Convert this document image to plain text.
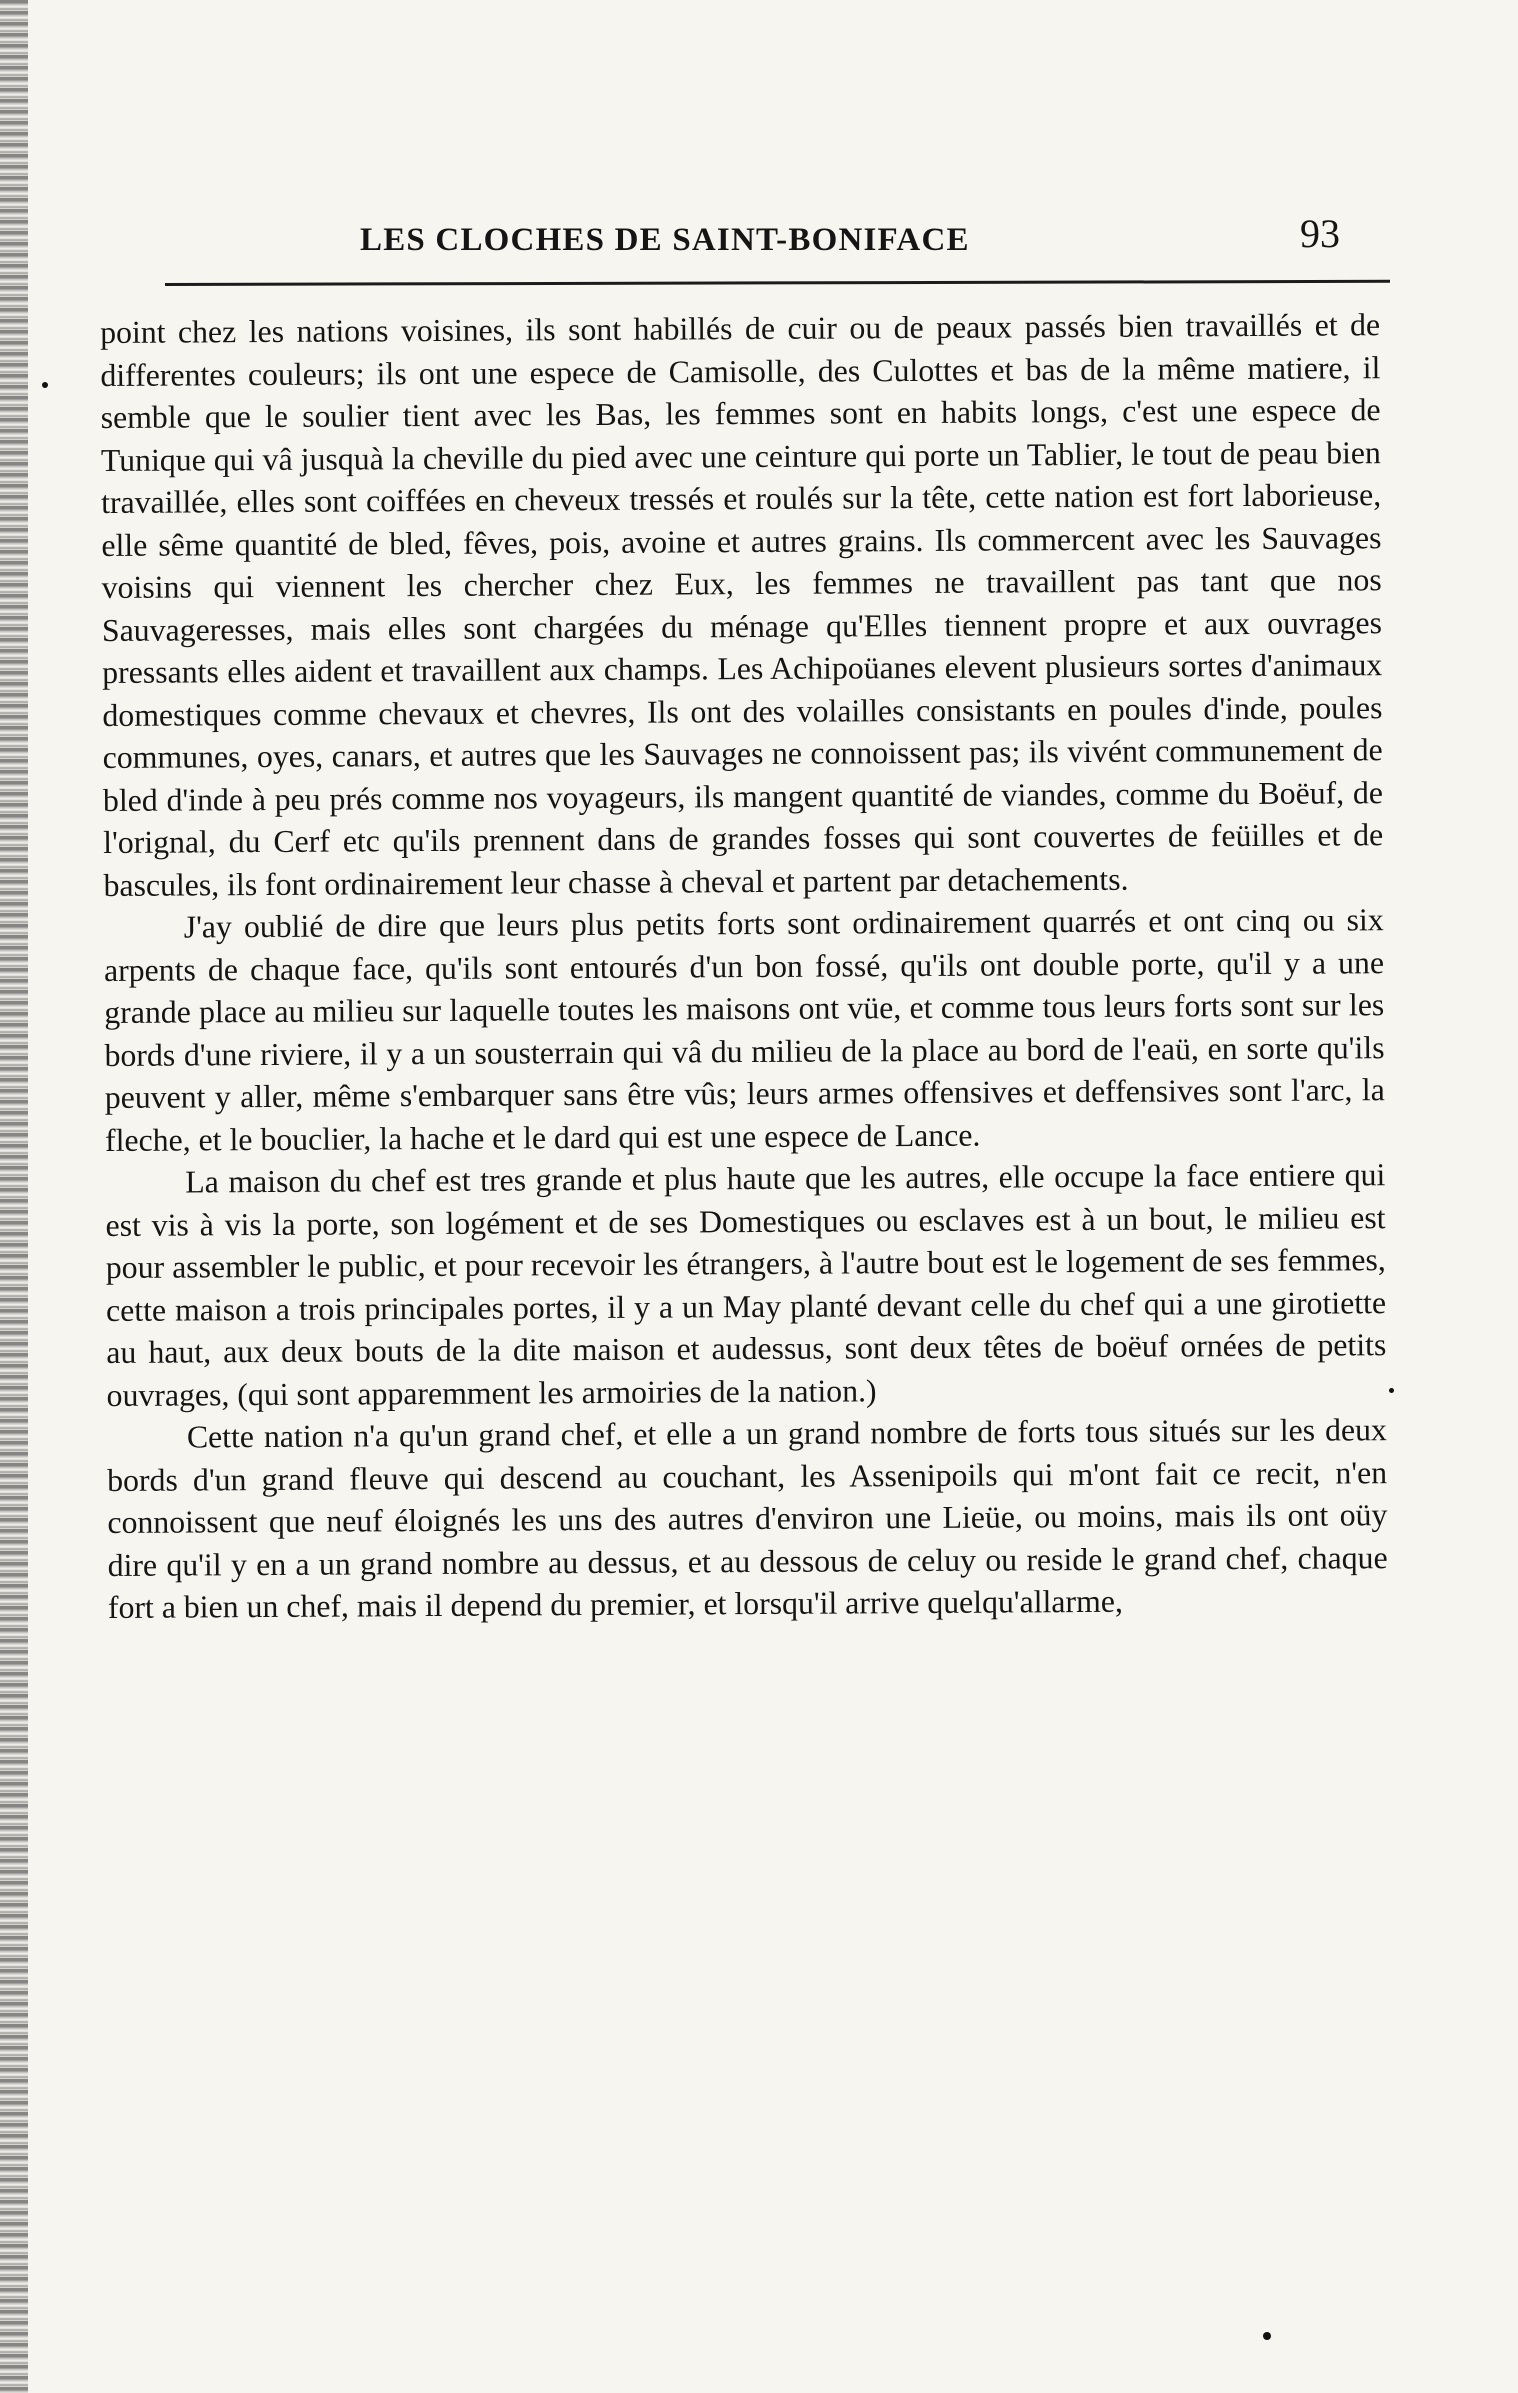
LES CLOCHES DE SAINT-BONIFACE	93

point chez les nations voisines, ils sont habillés de cuir ou de peaux passés bien travaillés et de differentes couleurs; ils ont une espece de Camisolle, des Culottes et bas de la même matiere, il semble que le soulier tient avec les Bas, les femmes sont en habits longs, c'est une espece de Tunique qui vâ jusquà la cheville du pied avec une ceinture qui porte un Tablier, le tout de peau bien travaillée, elles sont coiffées en cheveux tressés et roulés sur la tête, cette nation est fort laborieuse, elle sême quantité de bled, fêves, pois, avoine et autres grains. Ils commercent avec les Sauvages voisins qui viennent les chercher chez Eux, les femmes ne travaillent pas tant que nos Sauvageresses, mais elles sont chargées du ménage qu'Elles tiennent propre et aux ouvrages pressants elles aident et travaillent aux champs. Les Achipoüanes elevent plusieurs sortes d'animaux domestiques comme chevaux et chevres, Ils ont des volailles consistants en poules d'inde, poules communes, oyes, canars, et autres que les Sauvages ne connoissent pas; ils vivént communement de bled d'inde à peu prés comme nos voyageurs, ils mangent quantité de viandes, comme du Boëuf, de l'orignal, du Cerf etc qu'ils prennent dans de grandes fosses qui sont couvertes de feüilles et de bascules, ils font ordinairement leur chasse à cheval et partent par detachements.

J'ay oublié de dire que leurs plus petits forts sont ordinairement quarrés et ont cinq ou six arpents de chaque face, qu'ils sont entourés d'un bon fossé, qu'ils ont double porte, qu'il y a une grande place au milieu sur laquelle toutes les maisons ont vüe, et comme tous leurs forts sont sur les bords d'une riviere, il y a un sousterrain qui vâ du milieu de la place au bord de l'eaü, en sorte qu'ils peuvent y aller, même s'embarquer sans être vûs; leurs armes offensives et deffensives sont l'arc, la fleche, et le bouclier, la hache et le dard qui est une espece de Lance.

La maison du chef est tres grande et plus haute que les autres, elle occupe la face entiere qui est vis à vis la porte, son logément et de ses Domestiques ou esclaves est à un bout, le milieu est pour assembler le public, et pour recevoir les étrangers, à l'autre bout est le logement de ses femmes, cette maison a trois principales portes, il y a un May planté devant celle du chef qui a une girotiette au haut, aux deux bouts de la dite maison et audessus, sont deux têtes de boëuf ornées de petits ouvrages, (qui sont apparemment les armoiries de la nation.)

Cette nation n'a qu'un grand chef, et elle a un grand nombre de forts tous situés sur les deux bords d'un grand fleuve qui descend au couchant, les Assenipoils qui m'ont fait ce recit, n'en connoissent que neuf éloignés les uns des autres d'environ une Lieüe, ou moins, mais ils ont oüy dire qu'il y en a un grand nombre au dessus, et au dessous de celuy ou reside le grand chef, chaque fort a bien un chef, mais il depend du premier, et lorsqu'il arrive quelqu'allarme,
